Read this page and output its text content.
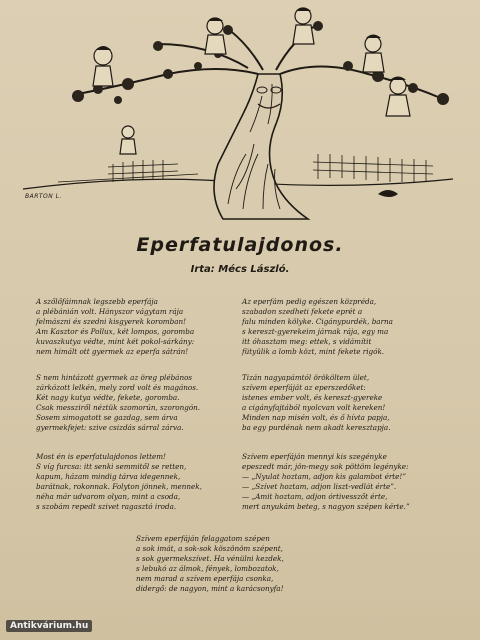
BARTON L.
Eperfatulajdonos.
Irta: Mécs László.
A szőlőfáimnak legszebb eperfája
a plébánián volt. Hányszor vágytam rája
felmászni és szedni kisgyerek koromban!
Am Kasztor és Pollux, két lompos, goromba
kuvaszkutya védte, mint két pokol-sárkány:
nem himált ott gyermek az eperfa sátrán!
S nem hintázott gyermek az öreg plébános
zárkózott lelkén, mely zord volt és magános.
Két nagy kutya védte, fekete, goromba.
Csak messziről néztük szomorún, szorongón.
Sosem simogatott se gazdag, sem árva
gyermekfejet: szive csizdás sárral zárva.
Most én is eperfatulajdonos lettem!
S víg furcsa: itt senki semmitől se retten,
kapum, házam mindig tárva idegennek,
barátnak, rokonnak. Folyton jönnek, mennek,
néha már udvarom olyan, mint a csoda,
s szobám repedt szivet ragasztó iroda.
Az eperfám pedig egészen közpréda,
szabadon szedheti fekete eprét a
falu minden kölyke. Cigánypurdék, barna
s kereszt-gyerekeim járnak rája, egy ma
itt óhasztam meg: ettek, s vidámítit
fütyülik a lomb közt, mint fekete rigók.
Tizán nagyapámtól örököltem ület,
szívem eperfáját az eperszedőket:
istenes ember volt, és kereszt-gyereke
a cigányfajtából nyolcvan volt kereken!
Minden nap misén volt, és ő hívta papja,
ba egy purdénak nem akadt keresztapja.
Szívem eperfáján mennyi kis szegénykе
epeszedt már, jön-megy sok pöttöm legénykе:
— „Nyulat hoztam, adjon kis galambot érte!”
— „Szívet hoztam, adjon liszt-vedlát érte”.
— „Amit hoztam, adjon órtivesszőt érte,
mert anyukám beteg, s nagyon szépen kérte.”
Szívem eperfáján felaggatom szépen
a sok imát, a sok-sok köszönöm szépent,
s sok gyermekszívet. Ha vénülni kezdek,
s lebukó az álmok, fények, lombozatok,
nem marad a szívem eperfája csonka,
didergő: de nagyon, mint a karácsonyfa!
Antikvárium.hu
